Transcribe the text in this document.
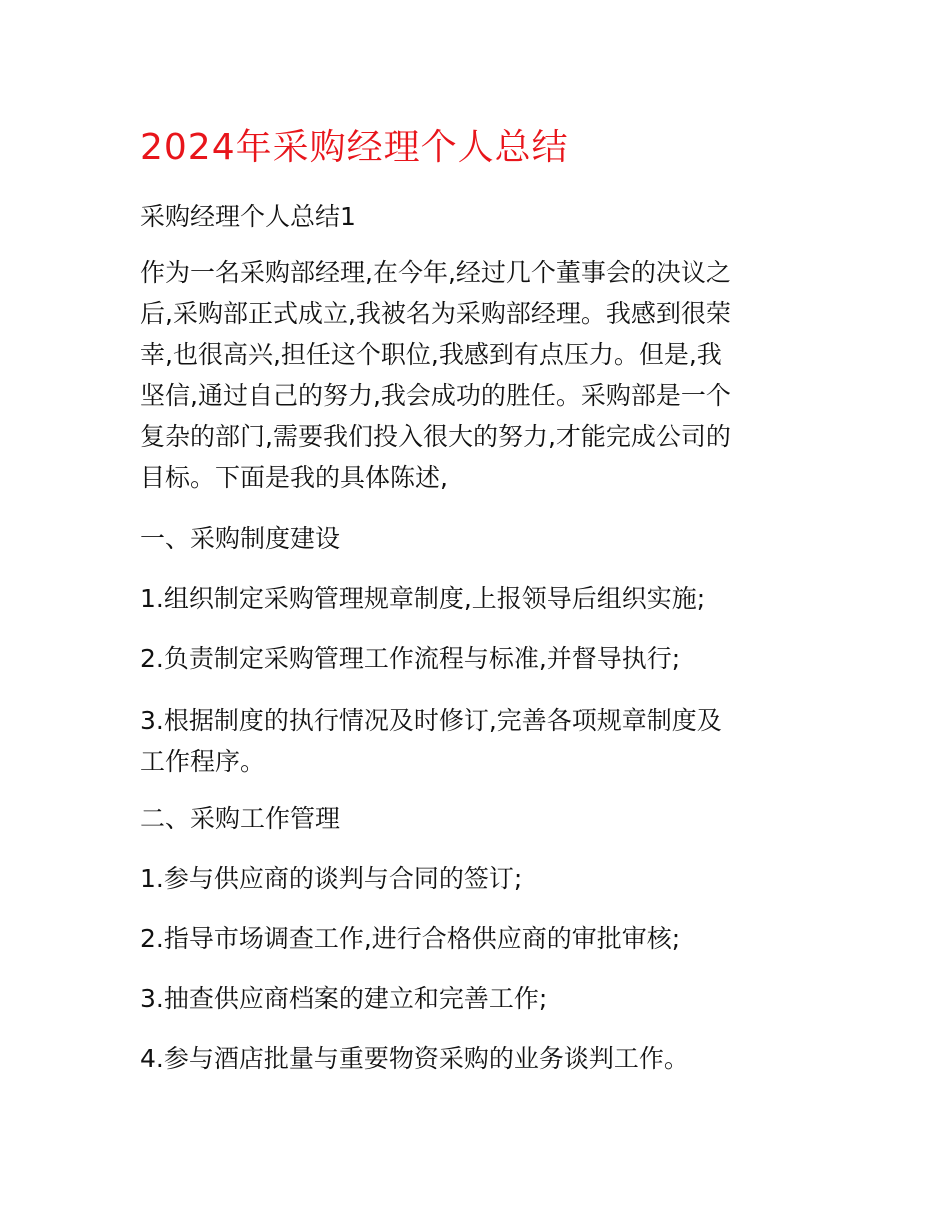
2024年采购经理个人总结

采购经理个人总结1

作为一名采购部经理,在今年,经过几个董事会的决议之
后,采购部正式成立,我被名为采购部经理。我感到很荣
幸,也很高兴,担任这个职位,我感到有点压力。但是,我
坚信,通过自己的努力,我会成功的胜任。采购部是一个
复杂的部门,需要我们投入很大的努力,才能完成公司的
目标。下面是我的具体陈述,

一、采购制度建设

1.组织制定采购管理规章制度,上报领导后组织实施;

2.负责制定采购管理工作流程与标准,并督导执行;

3.根据制度的执行情况及时修订,完善各项规章制度及
工作程序。

二、采购工作管理

1.参与供应商的谈判与合同的签订;

2.指导市场调查工作,进行合格供应商的审批审核;

3.抽查供应商档案的建立和完善工作;

4.参与酒店批量与重要物资采购的业务谈判工作。
